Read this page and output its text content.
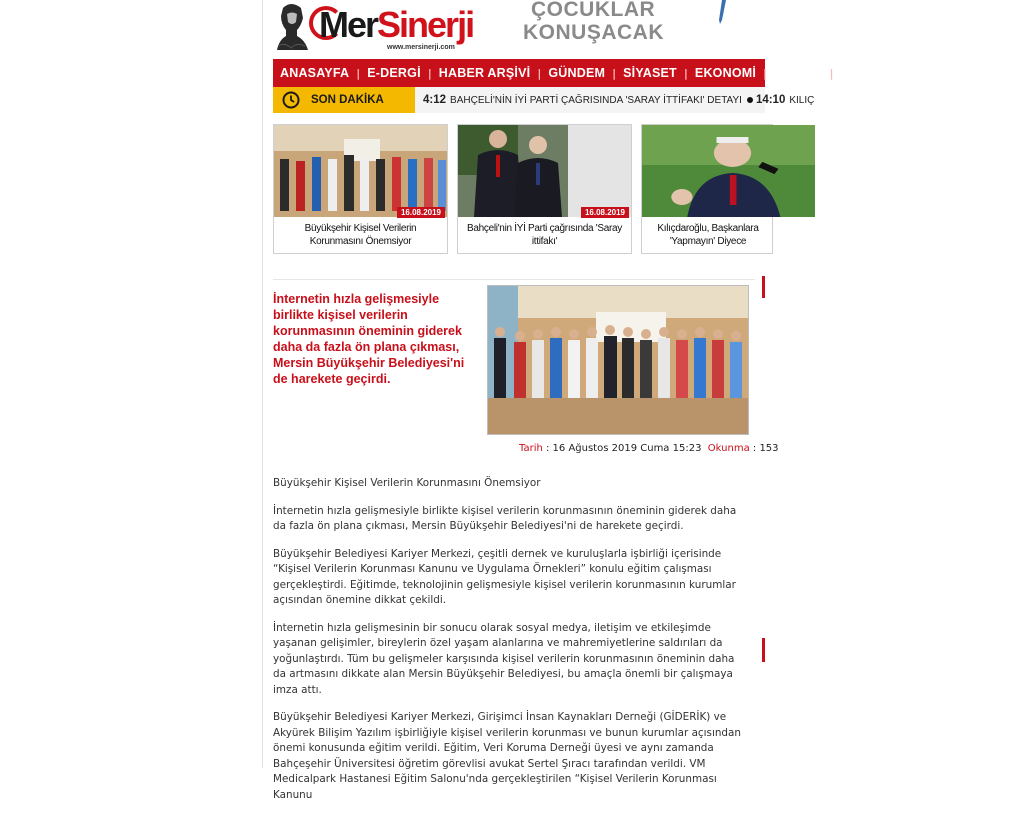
MerSinerji
www.mersinerji.com
ÇOCUKLAR
KONUŞACAK
ANASAYFA | E-DERGİ | HABER ARŞİVİ | GÜNDEM | SİYASET | EKONOMİ | SAĞLIK | EĞİ
SON DAKİKA	4:12 BAHÇELİ'NİN İYİ PARTİ ÇAĞRISINDA 'SARAY İTTİFAKI' DETAYI 14:10 KILIÇ
16.08.2019
Büyükşehir Kişisel Verilerin Korunmasını Önemsiyor
16.08.2019
Bahçeli'nin İYİ Parti çağrısında 'Saray ittifakı'
Kılıçdaroğlu, Başkanlara 'Yapmayın' Diyece
İnternetin hızla gelişmesiyle birlikte kişisel verilerin korunmasının öneminin giderek daha da fazla ön plana çıkması, Mersin Büyükşehir Belediyesi'ni de harekete geçirdi.
Tarih : 16 Ağustos 2019 Cuma 15:23 Okunma : 153

Büyükşehir Kişisel Verilerin Korunmasını Önemsiyor

İnternetin hızla gelişmesiyle birlikte kişisel verilerin korunmasının öneminin giderek daha da fazla ön plana çıkması, Mersin Büyükşehir Belediyesi'ni de harekete geçirdi.

Büyükşehir Belediyesi Kariyer Merkezi, çeşitli dernek ve kuruluşlarla işbirliği içerisinde “Kişisel Verilerin Korunması Kanunu ve Uygulama Örnekleri” konulu eğitim çalışması gerçekleştirdi. Eğitimde, teknolojinin gelişmesiyle kişisel verilerin korunmasının kurumlar açısından önemine dikkat çekildi.

İnternetin hızla gelişmesinin bir sonucu olarak sosyal medya, iletişim ve etkileşimde yaşanan gelişimler, bireylerin özel yaşam alanlarına ve mahremiyetlerine saldırıları da yoğunlaştırdı. Tüm bu gelişmeler karşısında kişisel verilerin korunmasının öneminin daha da artmasını dikkate alan Mersin Büyükşehir Belediyesi, bu amaçla önemli bir çalışmaya imza attı.

Büyükşehir Belediyesi Kariyer Merkezi, Girişimci İnsan Kaynakları Derneği (GİDERİK) ve Akyürek Bilişim Yazılım işbirliğiyle kişisel verilerin korunması ve bunun kurumlar açısından önemi konusunda eğitim verildi. Eğitim, Veri Koruma Derneği üyesi ve aynı zamanda Bahçeşehir Üniversitesi öğretim görevlisi avukat Sertel Şıracı tarafından verildi. VM Medicalpark Hastanesi Eğitim Salonu'nda gerçekleştirilen “Kişisel Verilerin Korunması Kanunu
